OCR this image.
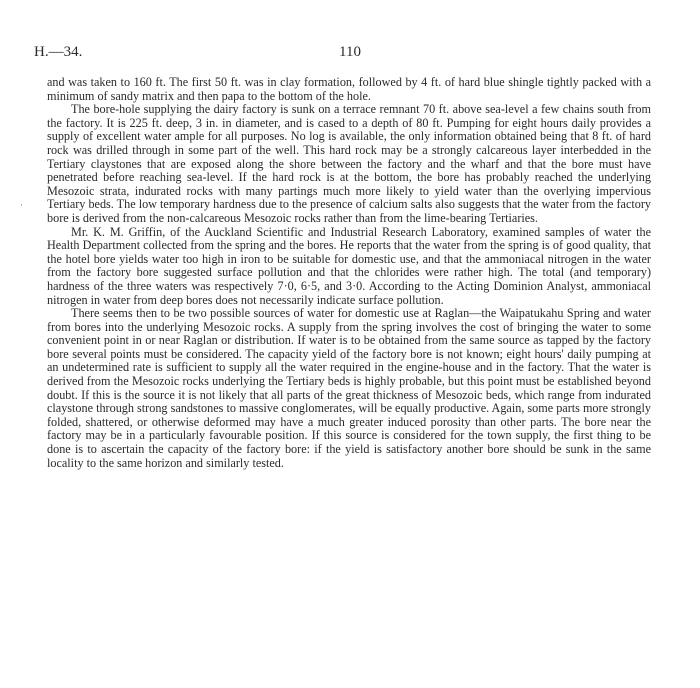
H.—34.	110
·

and was taken to 160 ft. The first 50 ft. was in clay formation, followed by 4 ft. of hard blue shingle tightly packed with a minimum of sandy matrix and then papa to the bottom of the hole.

The bore-hole supplying the dairy factory is sunk on a terrace remnant 70 ft. above sea-level a few chains south from the factory. It is 225 ft. deep, 3 in. in diameter, and is cased to a depth of 80 ft. Pumping for eight hours daily provides a supply of excellent water ample for all purposes. No log is available, the only information obtained being that 8 ft. of hard rock was drilled through in some part of the well. This hard rock may be a strongly calcareous layer interbedded in the Tertiary claystones that are exposed along the shore between the factory and the wharf and that the bore must have penetrated before reaching sea-level. If the hard rock is at the bottom, the bore has probably reached the underlying Mesozoic strata, indurated rocks with many partings much more likely to yield water than the overlying impervious Tertiary beds. The low temporary hardness due to the presence of calcium salts also suggests that the water from the factory bore is derived from the non-calcareous Mesozoic rocks rather than from the lime-bearing Tertiaries.

Mr. K. M. Griffin, of the Auckland Scientific and Industrial Research Laboratory, examined samples of water the Health Department collected from the spring and the bores. He reports that the water from the spring is of good quality, that the hotel bore yields water too high in iron to be suitable for domestic use, and that the ammoniacal nitrogen in the water from the factory bore suggested surface pollution and that the chlorides were rather high. The total (and temporary) hardness of the three waters was respectively 7·0, 6·5, and 3·0. According to the Acting Dominion Analyst, ammoniacal nitrogen in water from deep bores does not necessarily indicate surface pollution.

There seems then to be two possible sources of water for domestic use at Raglan—the Waipatukahu Spring and water from bores into the underlying Mesozoic rocks. A supply from the spring involves the cost of bringing the water to some convenient point in or near Raglan or distribution. If water is to be obtained from the same source as tapped by the factory bore several points must be considered. The capacity yield of the factory bore is not known; eight hours' daily pumping at an undetermined rate is sufficient to supply all the water required in the engine-house and in the factory. That the water is derived from the Mesozoic rocks underlying the Tertiary beds is highly probable, but this point must be established beyond doubt. If this is the source it is not likely that all parts of the great thickness of Mesozoic beds, which range from indurated claystone through strong sandstones to massive conglomerates, will be equally productive. Again, some parts more strongly folded, shattered, or otherwise deformed may have a much greater induced porosity than other parts. The bore near the factory may be in a particularly favourable position. If this source is considered for the town supply, the first thing to be done is to ascertain the capacity of the factory bore: if the yield is satisfactory another bore should be sunk in the same locality to the same horizon and similarly tested.
